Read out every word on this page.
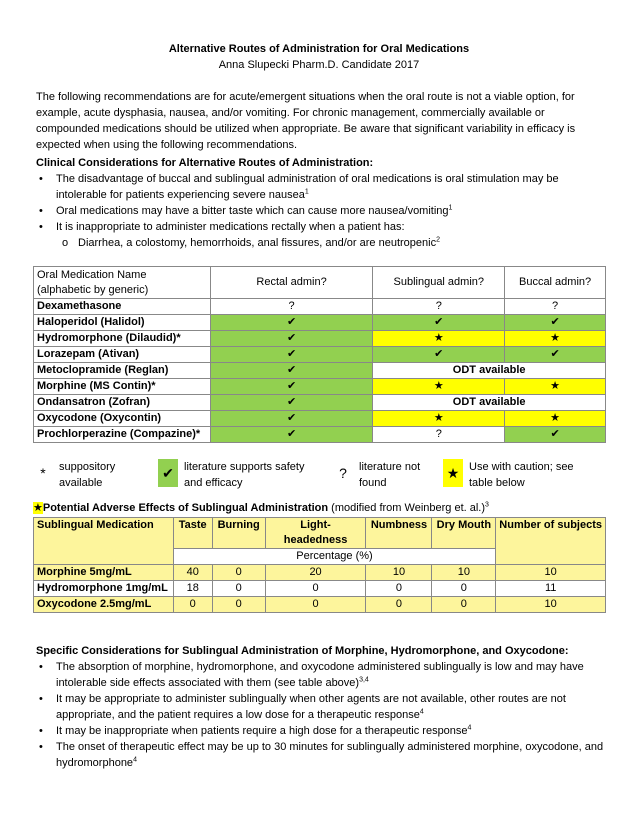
Alternative Routes of Administration for Oral Medications
Anna Slupecki Pharm.D. Candidate 2017

The following recommendations are for acute/emergent situations when the oral route is not a viable option, for example, acute dysphasia, nausea, and/or vomiting. For chronic management, commercially available or compounded medications should be utilized when appropriate. Be aware that significant variability in efficacy is expected when using the following recommendations.

Clinical Considerations for Alternative Routes of Administration:
• The disadvantage of buccal and sublingual administration of oral medications is oral stimulation may be intolerable for patients experiencing severe nausea$^1$
• Oral medications may have a bitter taste which can cause more nausea/vomiting$^1$
• It is inappropriate to administer medications rectally when a patient has:
o Diarrhea, a colostomy, hemorrhoids, anal fissures, and/or are neutropenic$^2$
Oral Medication Name
(alphabetic by generic)	Rectal admin?	Sublingual admin?	Buccal admin?
Dexamethasone	?	?	?
Haloperidol (Halidol)	✔	✔	✔
Hydromorphone (Dilaudid)*	✔	★	★
Lorazepam (Ativan)	✔	✔	✔
Metoclopramide (Reglan)	✔	ODT available	
Morphine (MS Contin)*	✔	★	★
Ondansatron (Zofran)	✔	ODT available	
Oxycodone (Oxycontin)	✔	★	★
Prochlorperazine (Compazine)*	✔	?	✔
*	suppository
available
✔ literature supports safety
and efficacy
?	literature not
found
★ Use with caution; see
table below
★Potential Adverse Effects of Sublingual Administration (modified from Weinberg et. al.)$^3$
Sublingual Medication	Taste	Burning	Light-headedness	Numbness	Dry Mouth	Number of subjects
	Percentage (%)					
Morphine 5mg/mL	40	0	20	10	10	10
Hydromorphone 1mg/mL	18	0	0	0	0	11
Oxycodone 2.5mg/mL	0	0	0	0	0	10
Specific Considerations for Sublingual Administration of Morphine, Hydromorphone, and Oxycodone:
• The absorption of morphine, hydromorphone, and oxycodone administered sublingually is low and may have intolerable side effects associated with them (see table above)$^{3,4}$
• It may be appropriate to administer sublingually when other agents are not available, other routes are not appropriate, and the patient requires a low dose for a therapeutic response$^4$
• It may be inappropriate when patients require a high dose for a therapeutic response$^4$
• The onset of therapeutic effect may be up to 30 minutes for sublingually administered morphine, oxycodone, and hydromorphone$^4$
